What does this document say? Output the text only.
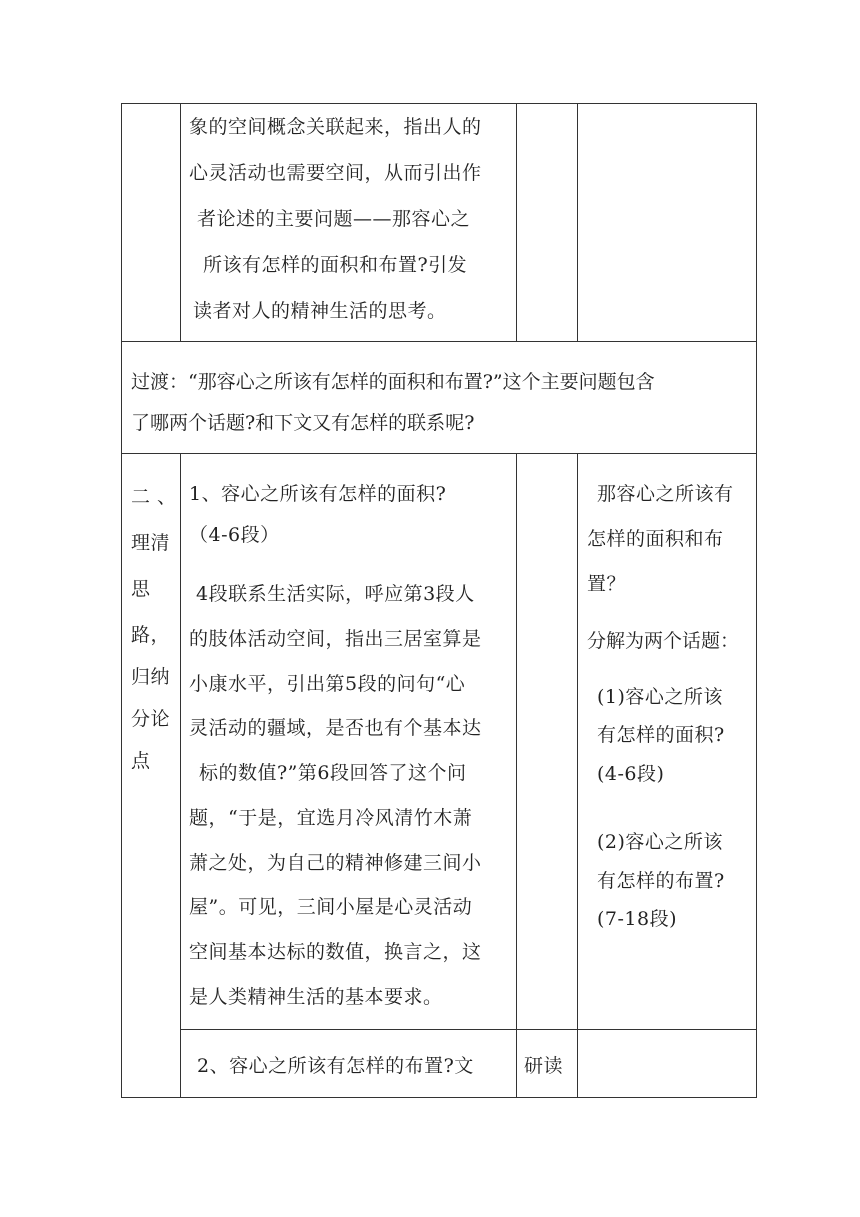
象的空间概念关联起来，指出人的
心灵活动也需要空间，从而引出作
者论述的主要问题——那容心之
所该有怎样的面积和布置?引发
读者对人的精神生活的思考。
过渡：“那容心之所该有怎样的面积和布置?”这个主要问题包含
了哪两个话题?和下文又有怎样的联系呢?
二 、
理清
思
路，
归纳
分论
点
1、容心之所该有怎样的面积?
（4-6段）
4段联系生活实际，呼应第3段人
的肢体活动空间，指出三居室算是
小康水平，引出第5段的问句“心
灵活动的疆域，是否也有个基本达
标的数值?”第6段回答了这个问
题，“于是，宜选月冷风清竹木萧
萧之处，为自己的精神修建三间小
屋”。可见，三间小屋是心灵活动
空间基本达标的数值，换言之，这
是人类精神生活的基本要求。
那容心之所该有
怎样的面积和布
置？
分解为两个话题：
(1)容心之所该
有怎样的面积?
(4-6段)
(2)容心之所该
有怎样的布置?
(7-18段)
2、容心之所该有怎样的布置?文	研读
